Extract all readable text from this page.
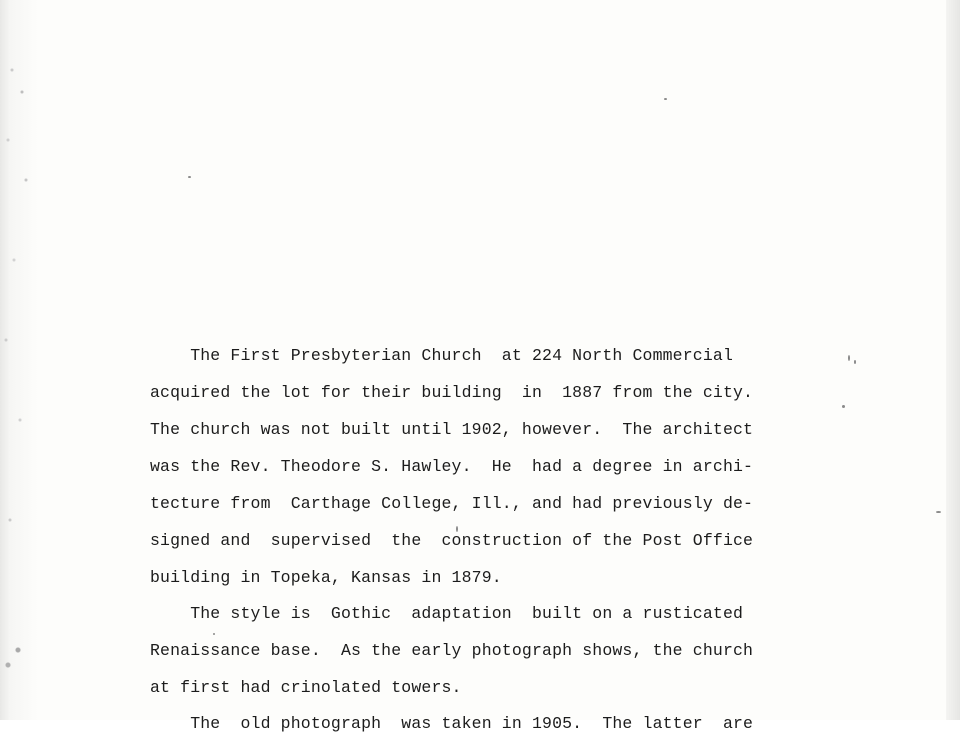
The First Presbyterian Church  at 224 North Commercial
acquired the lot for their building  in  1887 from the city.
The church was not built until 1902, however.  The architect
was the Rev. Theodore S. Hawley.  He  had a degree in archi-
tecture from  Carthage College, Ill., and had previously de-
signed and  supervised  the  construction of the Post Office
building in Topeka, Kansas in 1879.
The style is  Gothic  adaptation  built on a rusticated
Renaissance base.  As the early photograph shows, the church
at first had crinolated towers.
The  old photograph  was taken in 1905.  The latter  are
